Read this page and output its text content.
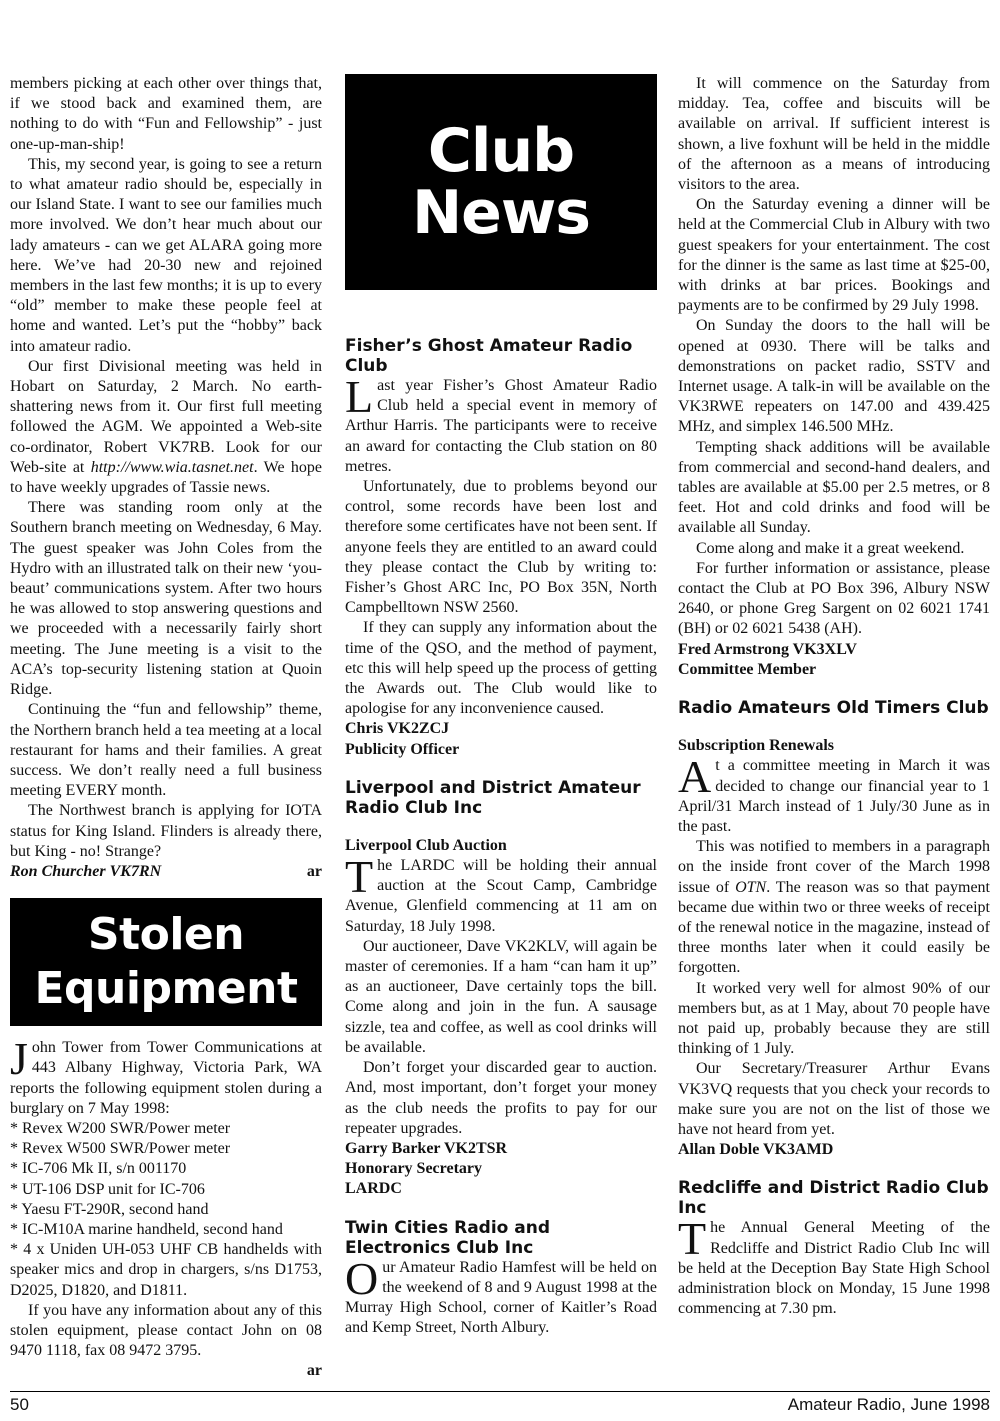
members picking at each other over things that, if we stood back and examined them, are nothing to do with “Fun and Fellowship” - just one-up-man-ship!

This, my second year, is going to see a return to what amateur radio should be, especially in our Island State. I want to see our families much more involved. We don’t hear much about our lady amateurs - can we get ALARA going more here. We’ve had 20-30 new and rejoined members in the last few months; it is up to every “old” member to make these people feel at home and wanted. Let’s put the “hobby” back into amateur radio.

Our first Divisional meeting was held in Hobart on Saturday, 2 March. No earth-shattering news from it. Our first full meeting followed the AGM. We appointed a Web-site co-ordinator, Robert VK7RB. Look for our Web-site at http://www.wia.tasnet.net. We hope to have weekly upgrades of Tassie news.

There was standing room only at the Southern branch meeting on Wednesday, 6 May. The guest speaker was John Coles from the Hydro with an illustrated talk on their new ‘you-beaut’ communications system. After two hours he was allowed to stop answering questions and we proceeded with a necessarily fairly short meeting. The June meeting is a visit to the ACA’s top-security listening station at Quoin Ridge.

Continuing the “fun and fellowship” theme, the Northern branch held a tea meeting at a local restaurant for hams and their families. A great success. We don’t really need a full business meeting EVERY month.

The Northwest branch is applying for IOTA status for King Island. Flinders is already there, but King - no! Strange?

Ron Churcher VK7RN	ar
Stolen
Equipment

John Tower from Tower Communications at 443 Albany Highway, Victoria Park, WA reports the following equipment stolen during a burglary on 7 May 1998:

* Revex W200 SWR/Power meter
* Revex W500 SWR/Power meter
* IC-706 Mk II, s/n 001170
* UT-106 DSP unit for IC-706
* Yaesu FT-290R, second hand
* IC-M10A marine handheld, second hand
* 4 x Uniden UH-053 UHF CB handhelds with speaker mics and drop in chargers, s/ns D1753, D2025, D1820, and D1811.

If you have any information about any of this stolen equipment, please contact John on 08 9470 1118, fax 08 9472 3795.

ar
Club
News
Fisher’s Ghost Amateur Radio Club

Last year Fisher’s Ghost Amateur Radio Club held a special event in memory of Arthur Harris. The participants were to receive an award for contacting the Club station on 80 metres.

Unfortunately, due to problems beyond our control, some records have been lost and therefore some certificates have not been sent. If anyone feels they are entitled to an award could they please contact the Club by writing to: Fisher’s Ghost ARC Inc, PO Box 35N, North Campbelltown NSW 2560.

If they can supply any information about the time of the QSO, and the method of payment, etc this will help speed up the process of getting the Awards out. The Club would like to apologise for any inconvenience caused.

Chris VK2ZCJ
Publicity Officer
Liverpool and District Amateur Radio Club Inc
Liverpool Club Auction

The LARDC will be holding their annual auction at the Scout Camp, Cambridge Avenue, Glenfield commencing at 11 am on Saturday, 18 July 1998.

Our auctioneer, Dave VK2KLV, will again be master of ceremonies. If a ham “can ham it up” as an auctioneer, Dave certainly tops the bill. Come along and join in the fun. A sausage sizzle, tea and coffee, as well as cool drinks will be available.

Don’t forget your discarded gear to auction. And, most important, don’t forget your money as the club needs the profits to pay for our repeater upgrades.

Garry Barker VK2TSR
Honorary Secretary
LARDC
Twin Cities Radio and Electronics Club Inc

Our Amateur Radio Hamfest will be held on the weekend of 8 and 9 August 1998 at the Murray High School, corner of Kaitler’s Road and Kemp Street, North Albury.

It will commence on the Saturday from midday. Tea, coffee and biscuits will be available on arrival. If sufficient interest is shown, a live foxhunt will be held in the middle of the afternoon as a means of introducing visitors to the area.

On the Saturday evening a dinner will be held at the Commercial Club in Albury with two guest speakers for your entertainment. The cost for the dinner is the same as last time at $25-00, with drinks at bar prices. Bookings and payments are to be confirmed by 29 July 1998.

On Sunday the doors to the hall will be opened at 0930. There will be talks and demonstrations on packet radio, SSTV and Internet usage. A talk-in will be available on the VK3RWE repeaters on 147.00 and 439.425 MHz, and simplex 146.500 MHz.

Tempting shack additions will be available from commercial and second-hand dealers, and tables are available at $5.00 per 2.5 metres, or 8 feet. Hot and cold drinks and food will be available all Sunday.

Come along and make it a great weekend.

For further information or assistance, please contact the Club at PO Box 396, Albury NSW 2640, or phone Greg Sargent on 02 6021 1741 (BH) or 02 6021 5438 (AH).

Fred Armstrong VK3XLV
Committee Member
Radio Amateurs Old Timers Club
Subscription Renewals

At a committee meeting in March it was decided to change our financial year to 1 April/31 March instead of 1 July/30 June as in the past.

This was notified to members in a paragraph on the inside front cover of the March 1998 issue of OTN. The reason was so that payment became due within two or three weeks of receipt of the renewal notice in the magazine, instead of three months later when it could easily be forgotten.

It worked very well for almost 90% of our members but, as at 1 May, about 70 people have not paid up, probably because they are still thinking of 1 July.

Our Secretary/Treasurer Arthur Evans VK3VQ requests that you check your records to make sure you are not on the list of those we have not heard from yet.

Allan Doble VK3AMD
Redcliffe and District Radio Club Inc

The Annual General Meeting of the Redcliffe and District Radio Club Inc will be held at the Deception Bay State High School administration block on Monday, 15 June 1998 commencing at 7.30 pm.

50	Amateur Radio, June 1998
